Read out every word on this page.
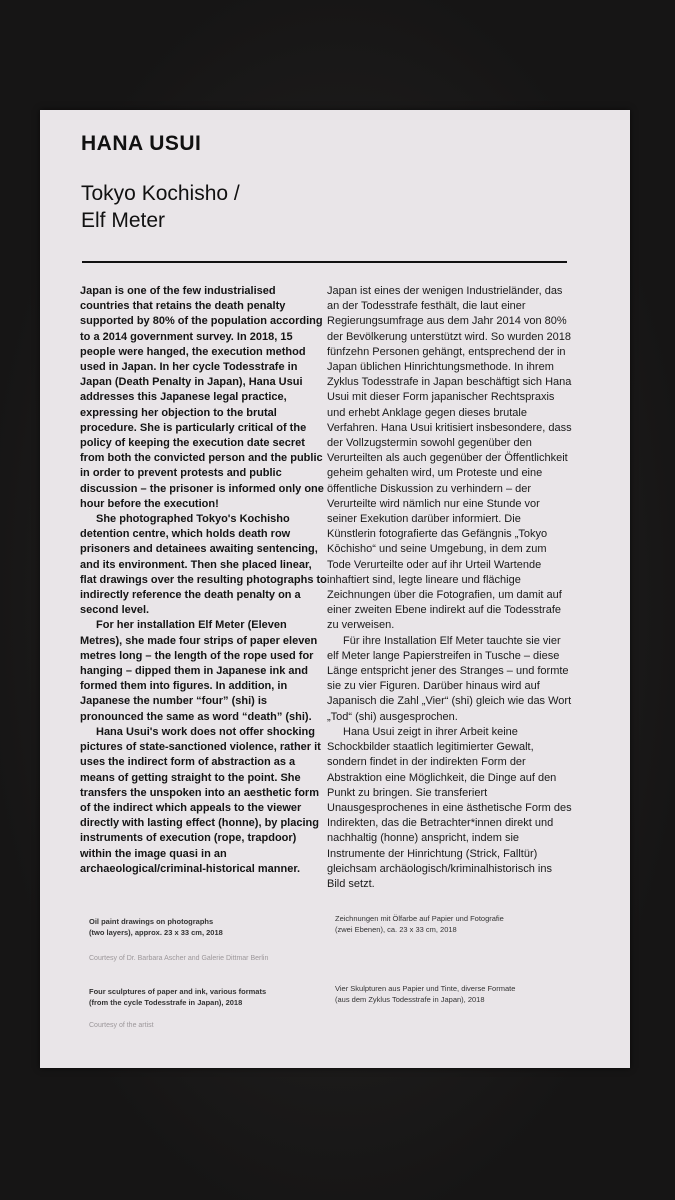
HANA USUI
Tokyo Kochisho /
Elf Meter

Japan is one of the few industrialised countries that retains the death penalty supported by 80% of the population according to a 2014 government survey. In 2018, 15 people were hanged, the execution method used in Japan. In her cycle Todesstrafe in Japan (Death Penalty in Japan), Hana Usui addresses this Japanese legal practice, expressing her objection to the brutal procedure. She is particularly critical of the policy of keeping the execution date secret from both the convicted person and the public in order to prevent protests and public discussion – the prisoner is informed only one hour before the execution!

She photographed Tokyo's Kochisho detention centre, which holds death row prisoners and detainees awaiting sentencing, and its environment. Then she placed linear, flat drawings over the resulting photographs to indirectly reference the death penalty on a second level.

For her installation Elf Meter (Eleven Metres), she made four strips of paper eleven metres long – the length of the rope used for hanging – dipped them in Japanese ink and formed them into figures. In addition, in Japanese the number “four” (shi) is pronounced the same as word “death” (shi).

Hana Usui's work does not offer shocking pictures of state-sanctioned violence, rather it uses the indirect form of abstraction as a means of getting straight to the point. She transfers the unspoken into an aesthetic form of the indirect which appeals to the viewer directly with lasting effect (honne), by placing instruments of execution (rope, trapdoor) within the image quasi in an archaeological/criminal-historical manner.

Japan ist eines der wenigen Industrieländer, das an der Todesstrafe festhält, die laut einer Regierungsumfrage aus dem Jahr 2014 von 80% der Bevölkerung unterstützt wird. So wurden 2018 fünfzehn Personen gehängt, entsprechend der in Japan üblichen Hinrichtungsmethode. In ihrem Zyklus Todesstrafe in Japan beschäftigt sich Hana Usui mit dieser Form japanischer Rechtspraxis und erhebt Anklage gegen dieses brutale Verfahren. Hana Usui kritisiert insbesondere, dass der Vollzugstermin sowohl gegenüber den Verurteilten als auch gegenüber der Öffentlichkeit geheim gehalten wird, um Proteste und eine öffentliche Diskussion zu verhindern – der Verurteilte wird nämlich nur eine Stunde vor seiner Exekution darüber informiert. Die Künstlerin fotografierte das Gefängnis „Tokyo Kōchisho“ und seine Umgebung, in dem zum Tode Verurteilte oder auf ihr Urteil Wartende inhaftiert sind, legte lineare und flächige Zeichnungen über die Fotografien, um damit auf einer zweiten Ebene indirekt auf die Todesstrafe zu verweisen.

Für ihre Installation Elf Meter tauchte sie vier elf Meter lange Papierstreifen in Tusche – diese Länge entspricht jener des Stranges – und formte sie zu vier Figuren. Darüber hinaus wird auf Japanisch die Zahl „Vier“ (shi) gleich wie das Wort „Tod“ (shi) ausgesprochen.

Hana Usui zeigt in ihrer Arbeit keine Schockbilder staatlich legitimierter Gewalt, sondern findet in der indirekten Form der Abstraktion eine Möglichkeit, die Dinge auf den Punkt zu bringen. Sie transferiert Unausgesprochenes in eine ästhetische Form des Indirekten, das die Betrachter*innen direkt und nachhaltig (honne) anspricht, indem sie Instrumente der Hinrichtung (Strick, Falltür) gleichsam archäologisch/kriminalhistorisch ins Bild setzt.

Oil paint drawings on photographs
(two layers), approx. 23 x 33 cm, 2018

Zeichnungen mit Ölfarbe auf Papier und Fotografie
(zwei Ebenen), ca. 23 x 33 cm, 2018

Courtesy of Dr. Barbara Ascher and Galerie Dittmar Berlin

Four sculptures of paper and ink, various formats
(from the cycle Todesstrafe in Japan), 2018

Vier Skulpturen aus Papier und Tinte, diverse Formate
(aus dem Zyklus Todesstrafe in Japan), 2018

Courtesy of the artist
